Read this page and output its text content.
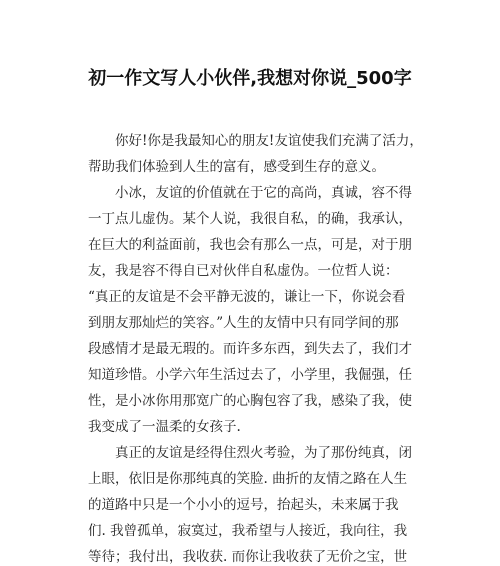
初一作文写人小伙伴,我想对你说_500字
　　你好!你是我最知心的朋友!友谊使我们充满了活力，
帮助我们体验到人生的富有，感受到生存的意义。
　　小冰，友谊的价值就在于它的高尚，真诚，容不得
一丁点儿虚伪。某个人说，我很自私，的确，我承认，
在巨大的利益面前，我也会有那么一点，可是，对于朋
友，我是容不得自已对伙伴自私虚伪。一位哲人说：
“真正的友谊是不会平静无波的，谦让一下，你说会看
到朋友那灿烂的笑容。”人生的友情中只有同学间的那
段感情才是最无瑕的。而许多东西，到失去了，我们才
知道珍惜。小学六年生活过去了，小学里，我倔强，任
性，是小冰你用那宽广的心胸包容了我，感染了我，使
我变成了一温柔的女孩子.
　　真正的友谊是经得住烈火考验，为了那份纯真，闭
上眼，依旧是你那纯真的笑脸. 曲折的友情之路在人生
的道路中只是一个小小的逗号，抬起头，未来属于我
们. 我曾孤单，寂寞过，我希望与人接近，我向往，我
等待；我付出，我收获. 而你让我收获了无价之宝，世
